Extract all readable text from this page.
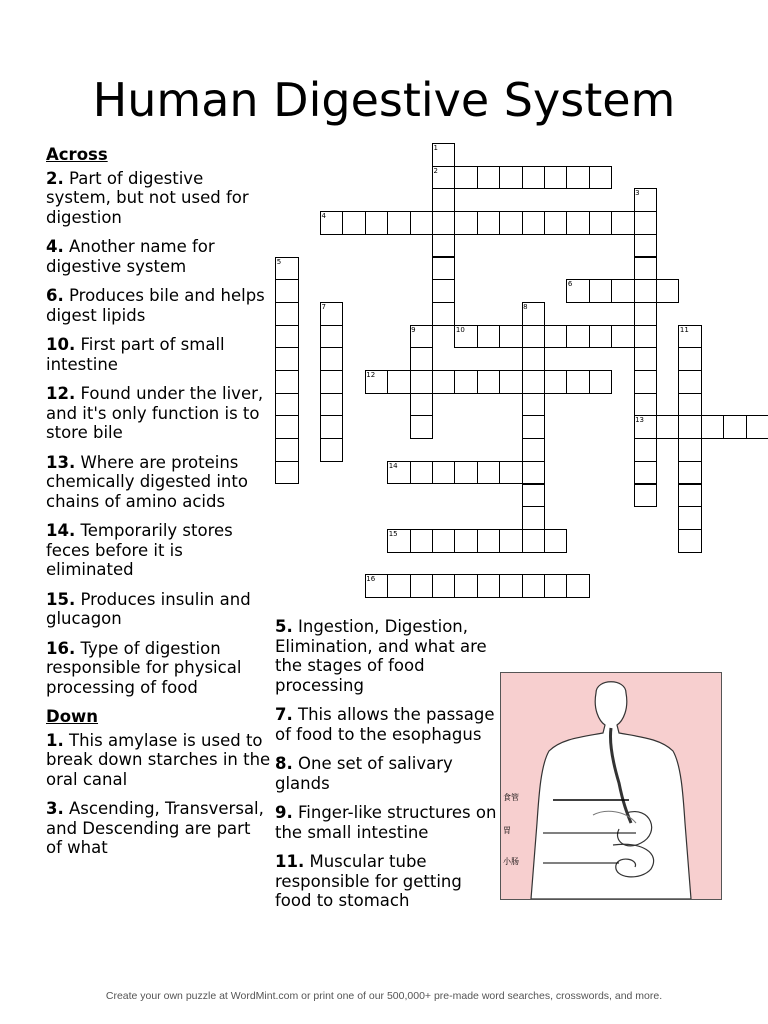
Human Digestive System
Across
2. Part of digestive system, but not used for digestion
4. Another name for digestive system
6. Produces bile and helps digest lipids
10. First part of small intestine
12. Found under the liver, and it's only function is to store bile
13. Where are proteins chemically digested into chains of amino acids
14. Temporarily stores feces before it is eliminated
15. Produces insulin and glucagon
16. Type of digestion responsible for physical processing of food
Down
1. This amylase is used to break down starches in the oral canal
3. Ascending, Transversal, and Descending are part of what
5. Ingestion, Digestion, Elimination, and what are the stages of food processing
7. This allows the passage of food to the esophagus
8. One set of salivary glands
9. Finger-like structures on the small intestine
11. Muscular tube responsible for getting food to stomach
1
2
3
4
5
6
7	8
9	10	11
12
13
14
15
16
食管
胃
小肠
Create your own puzzle at WordMint.com or print one of our 500,000+ pre-made word searches, crosswords, and more.
